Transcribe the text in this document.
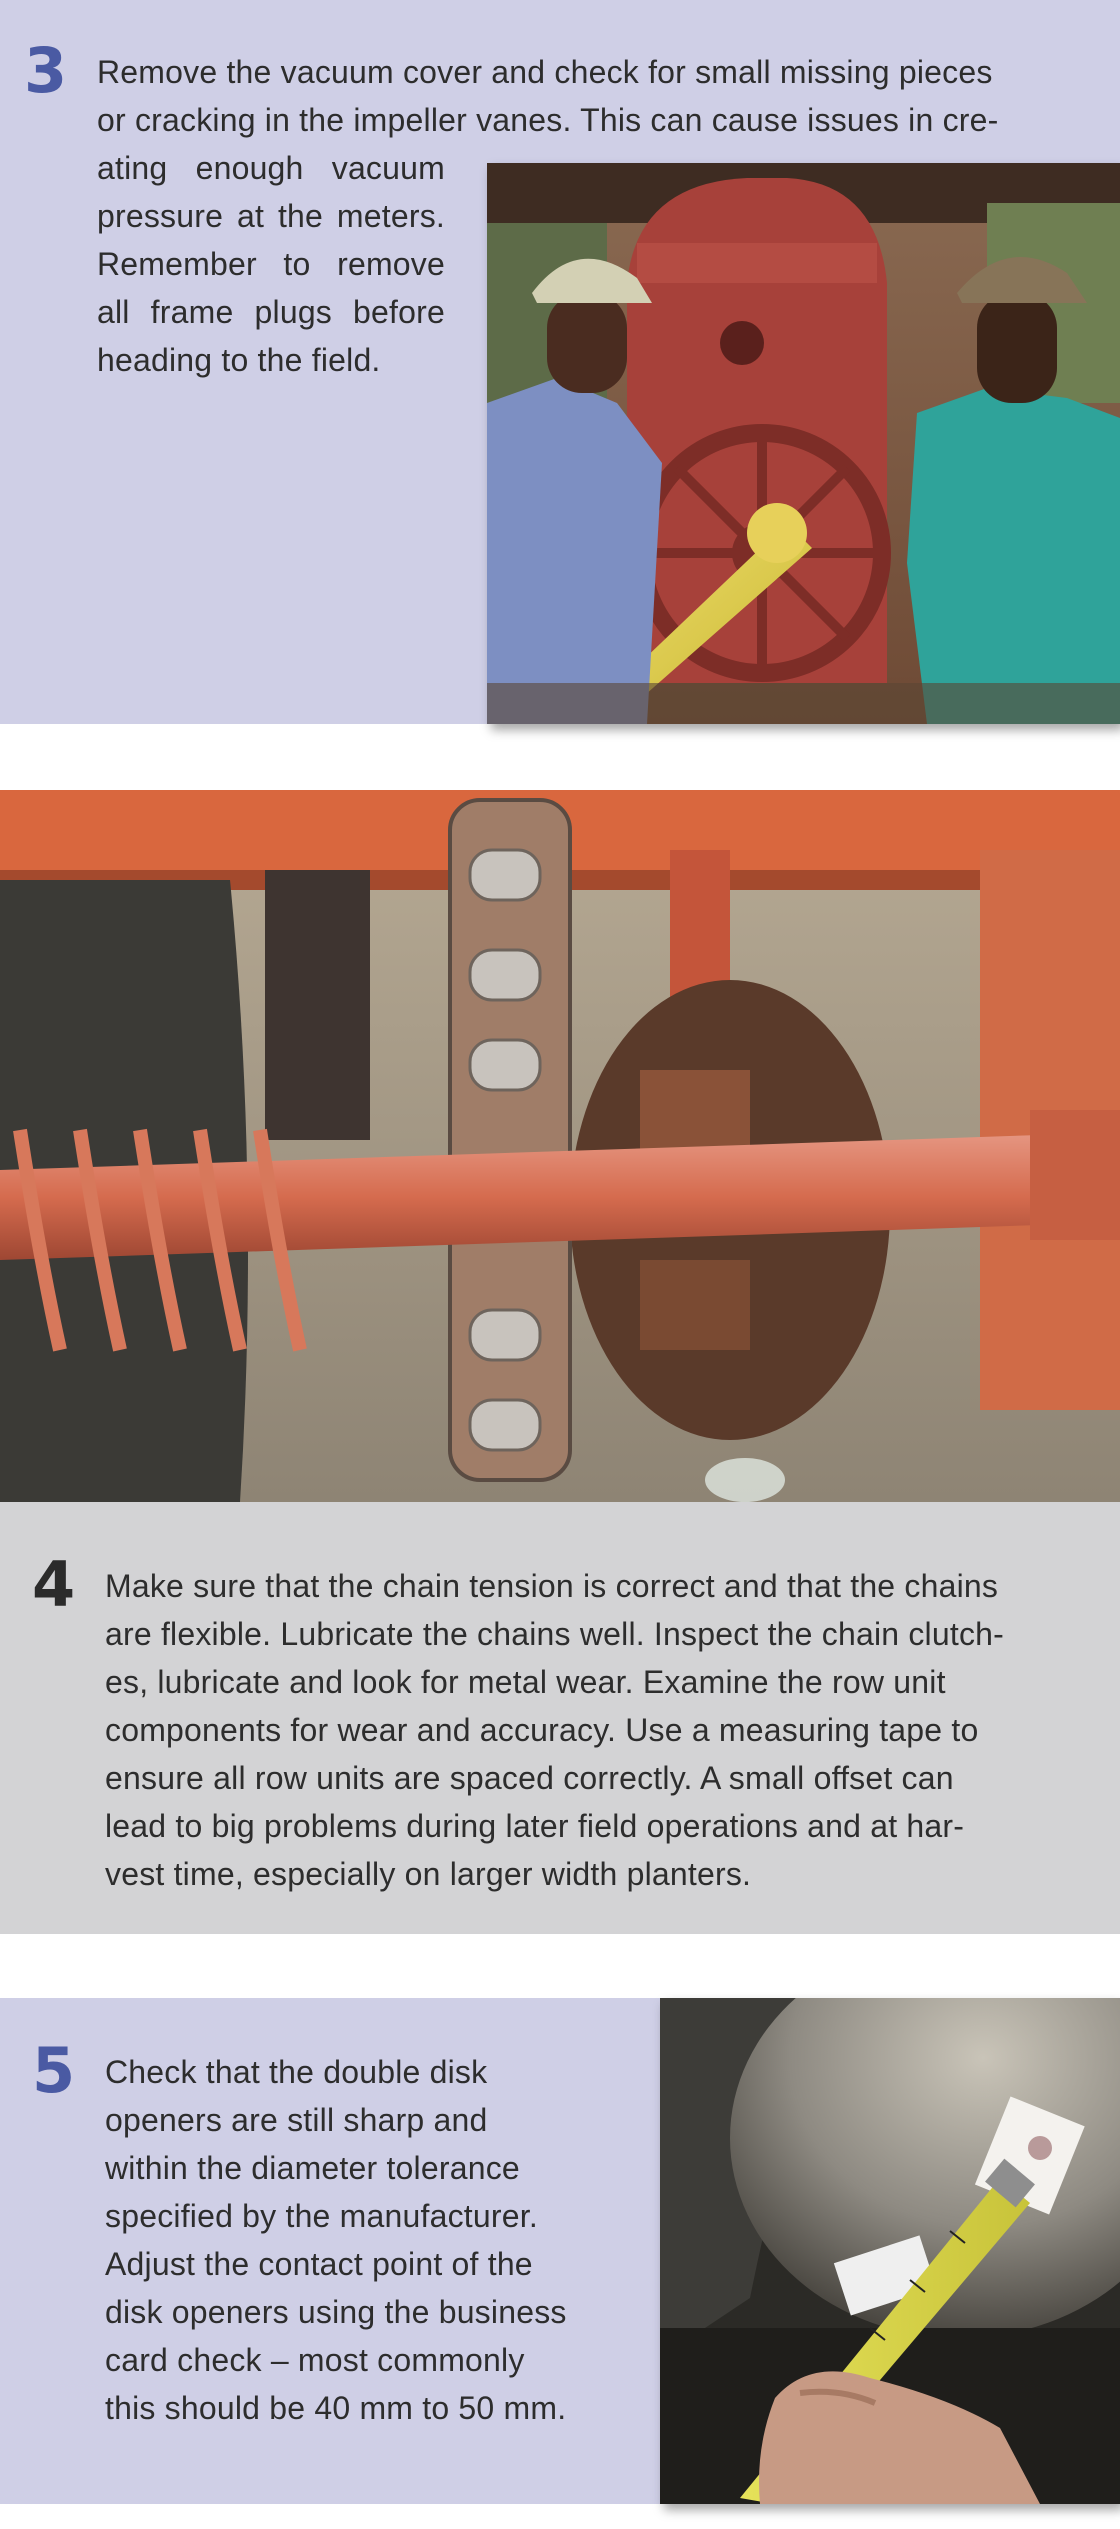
3 Remove the vacuum cover and check for small missing pieces
or cracking in the impeller vanes. This can cause issues in cre-
ating enough vacuum pressure at the meters. Remember to remove all frame plugs before heading to the field.
4 Make sure that the chain tension is correct and that the chains
are flexible. Lubricate the chains well. Inspect the chain clutch-
es, lubricate and look for metal wear. Examine the row unit
components for wear and accuracy. Use a measuring tape to
ensure all row units are spaced correctly. A small offset can
lead to big problems during later field operations and at har-
vest time, especially on larger width planters.
5 Check that the double disk
openers are still sharp and
within the diameter tolerance
specified by the manufacturer.
Adjust the contact point of the
disk openers using the business
card check – most commonly
this should be 40 mm to 50 mm.
